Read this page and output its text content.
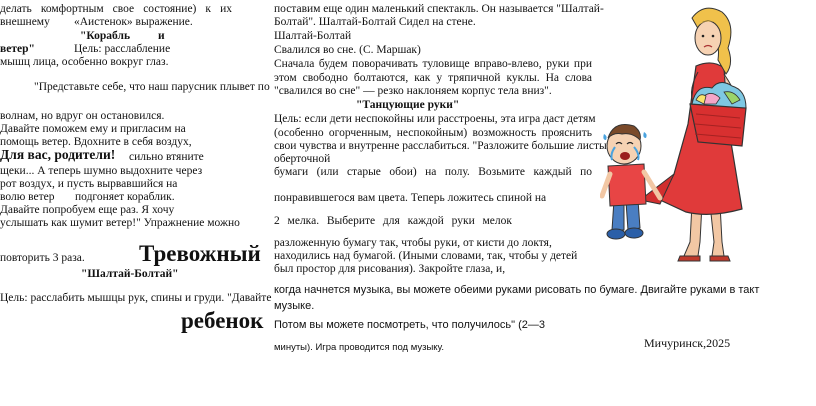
делать комфортным свое состояние) к их
внешнему «Аистенок» выражение.
"Корабль и
ветер"	Цель: расслабление
мышц лица, особенно вокруг глаз.
"Представьте себе, что наш парусник плывет по
волнам, но вдруг он остановился.
Давайте поможем ему и пригласим на
помощь ветер. Вдохните в себя воздух,
Для вас, родители! сильно втяните
щеки... А теперь шумно выдохните через
рот воздух, и пусть вырвавшийся на
волю ветер подгоняет кораблик.
Давайте попробуем еще раз. Я хочу
услышать как шумит ветер!" Упражнение можно
повторить 3 раза. Тревожный
"Шалтай-Болтай"
Цель: расслабить мышцы рук, спины и груди. "Давайте
ребенок
поставим еще один маленький спектакль. Он называется "Шалтай-
Болтай". Шалтай-Болтай Сидел на стене.
Шалтай-Болтай
Свалился во сне. (С. Маршак)
Сначала будем поворачивать туловище вправо-влево, руки при
этом свободно болтаются, как у тряпичной куклы. На слова
"свалился во сне" — резко наклоняем корпус тела вниз".
"Танцующие руки"
Цель: если дети неспокойны или расстроены, эта игра даст детям
(особенно огорченным, неспокойным) возможность прояснить
свои чувства и внутренне расслабиться. "Разложите большие листы
оберточной
бумаги (или старые обои) на полу. Возьмите каждый по
понравившегося вам цвета. Теперь ложитесь спиной на
2 мелка. Выберите для каждой руки мелок
разложенную бумагу так, чтобы руки, от кисти до локтя,
находились над бумагой. (Иными словами, так, чтобы у детей
был простор для рисования). Закройте глаза, и,
когда начнется музыка, вы можете обеими руками рисовать по бумаге. Двигайте руками в такт
музыке.
Потом вы можете посмотреть, что получилось" (2—3
минуты). Игра проводится под музыку.	Мичуринск,2025
